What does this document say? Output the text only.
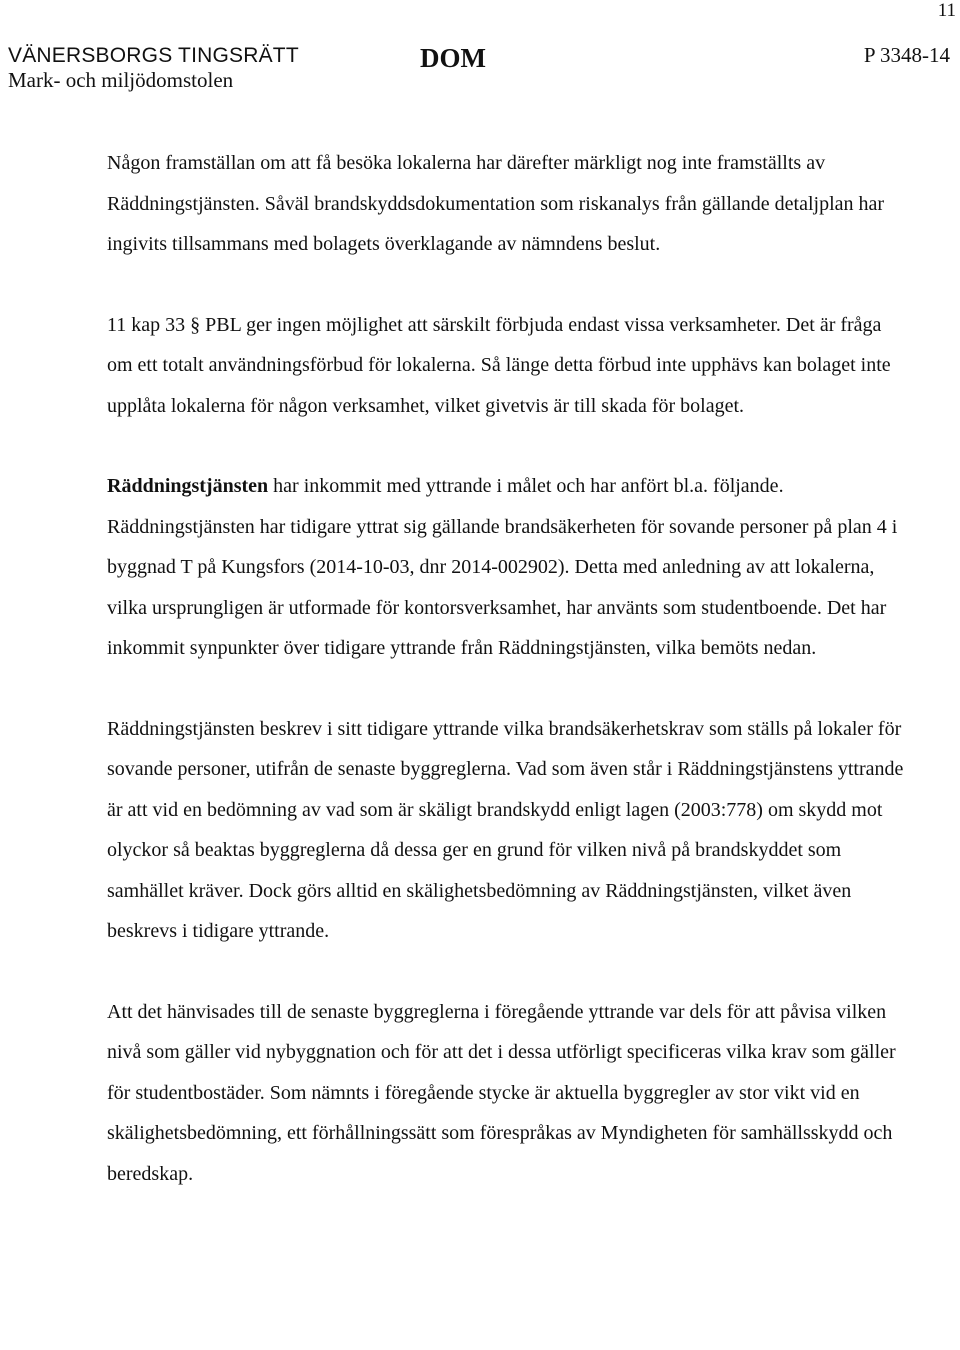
11
VÄNERSBORGS TINGSRÄTT
Mark- och miljödomstolen
DOM	P 3348-14

Någon framställan om att få besöka lokalerna har därefter märkligt nog inte framställts av Räddningstjänsten. Såväl brandskyddsdokumentation som riskanalys från gällande detaljplan har ingivits tillsammans med bolagets överklagande av nämndens beslut.

11 kap 33 § PBL ger ingen möjlighet att särskilt förbjuda endast vissa verksamheter. Det är fråga om ett totalt användningsförbud för lokalerna. Så länge detta förbud inte upphävs kan bolaget inte upplåta lokalerna för någon verksamhet, vilket givetvis är till skada för bolaget.

Räddningstjänsten har inkommit med yttrande i målet och har anfört bl.a. följande. Räddningstjänsten har tidigare yttrat sig gällande brandsäkerheten för sovande personer på plan 4 i byggnad T på Kungsfors (2014-10-03, dnr 2014-002902). Detta med anledning av att lokalerna, vilka ursprungligen är utformade för kontorsverksamhet, har använts som studentboende. Det har inkommit synpunkter över tidigare yttrande från Räddningstjänsten, vilka bemöts nedan.

Räddningstjänsten beskrev i sitt tidigare yttrande vilka brandsäkerhetskrav som ställs på lokaler för sovande personer, utifrån de senaste byggreglerna. Vad som även står i Räddningstjänstens yttrande är att vid en bedömning av vad som är skäligt brandskydd enligt lagen (2003:778) om skydd mot olyckor så beaktas byggreglerna då dessa ger en grund för vilken nivå på brandskyddet som samhället kräver. Dock görs alltid en skälighetsbedömning av Räddningstjänsten, vilket även beskrevs i tidigare yttrande.

Att det hänvisades till de senaste byggreglerna i föregående yttrande var dels för att påvisa vilken nivå som gäller vid nybyggnation och för att det i dessa utförligt specificeras vilka krav som gäller för studentbostäder. Som nämnts i föregående stycke är aktuella byggregler av stor vikt vid en skälighetsbedömning, ett förhållningssätt som förespråkas av Myndigheten för samhällsskydd och beredskap.
